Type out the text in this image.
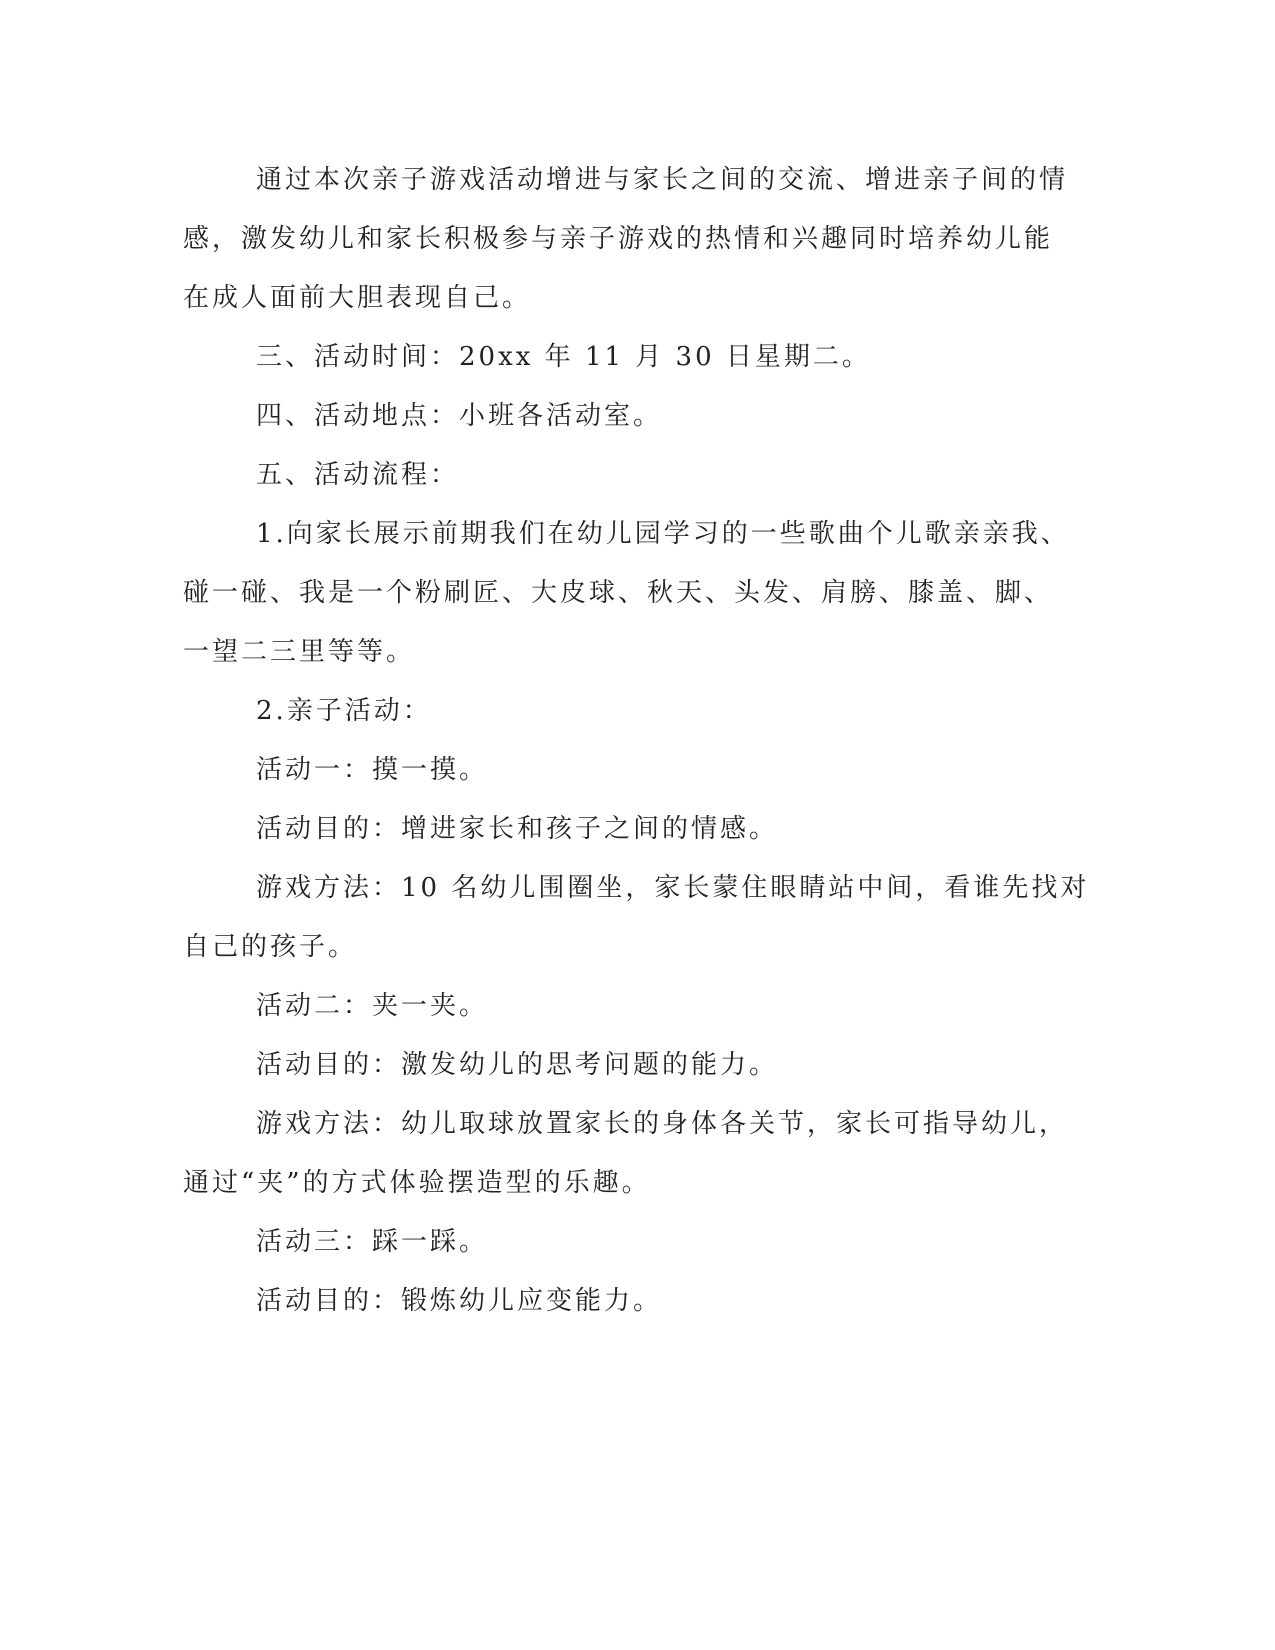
通过本次亲子游戏活动增进与家长之间的交流、增进亲子间的情
感，激发幼儿和家长积极参与亲子游戏的热情和兴趣同时培养幼儿能
在成人面前大胆表现自己。
三、活动时间：20xx 年 11 月 30 日星期二。
四、活动地点：小班各活动室。
五、活动流程：
1.向家长展示前期我们在幼儿园学习的一些歌曲个儿歌亲亲我、
碰一碰、我是一个粉刷匠、大皮球、秋天、头发、肩膀、膝盖、脚、
一望二三里等等。
2.亲子活动：
活动一：摸一摸。
活动目的：增进家长和孩子之间的情感。
游戏方法：10 名幼儿围圈坐，家长蒙住眼睛站中间，看谁先找对
自己的孩子。
活动二：夹一夹。
活动目的：激发幼儿的思考问题的能力。
游戏方法：幼儿取球放置家长的身体各关节，家长可指导幼儿，
通过“夹”的方式体验摆造型的乐趣。
活动三：踩一踩。
活动目的：锻炼幼儿应变能力。
